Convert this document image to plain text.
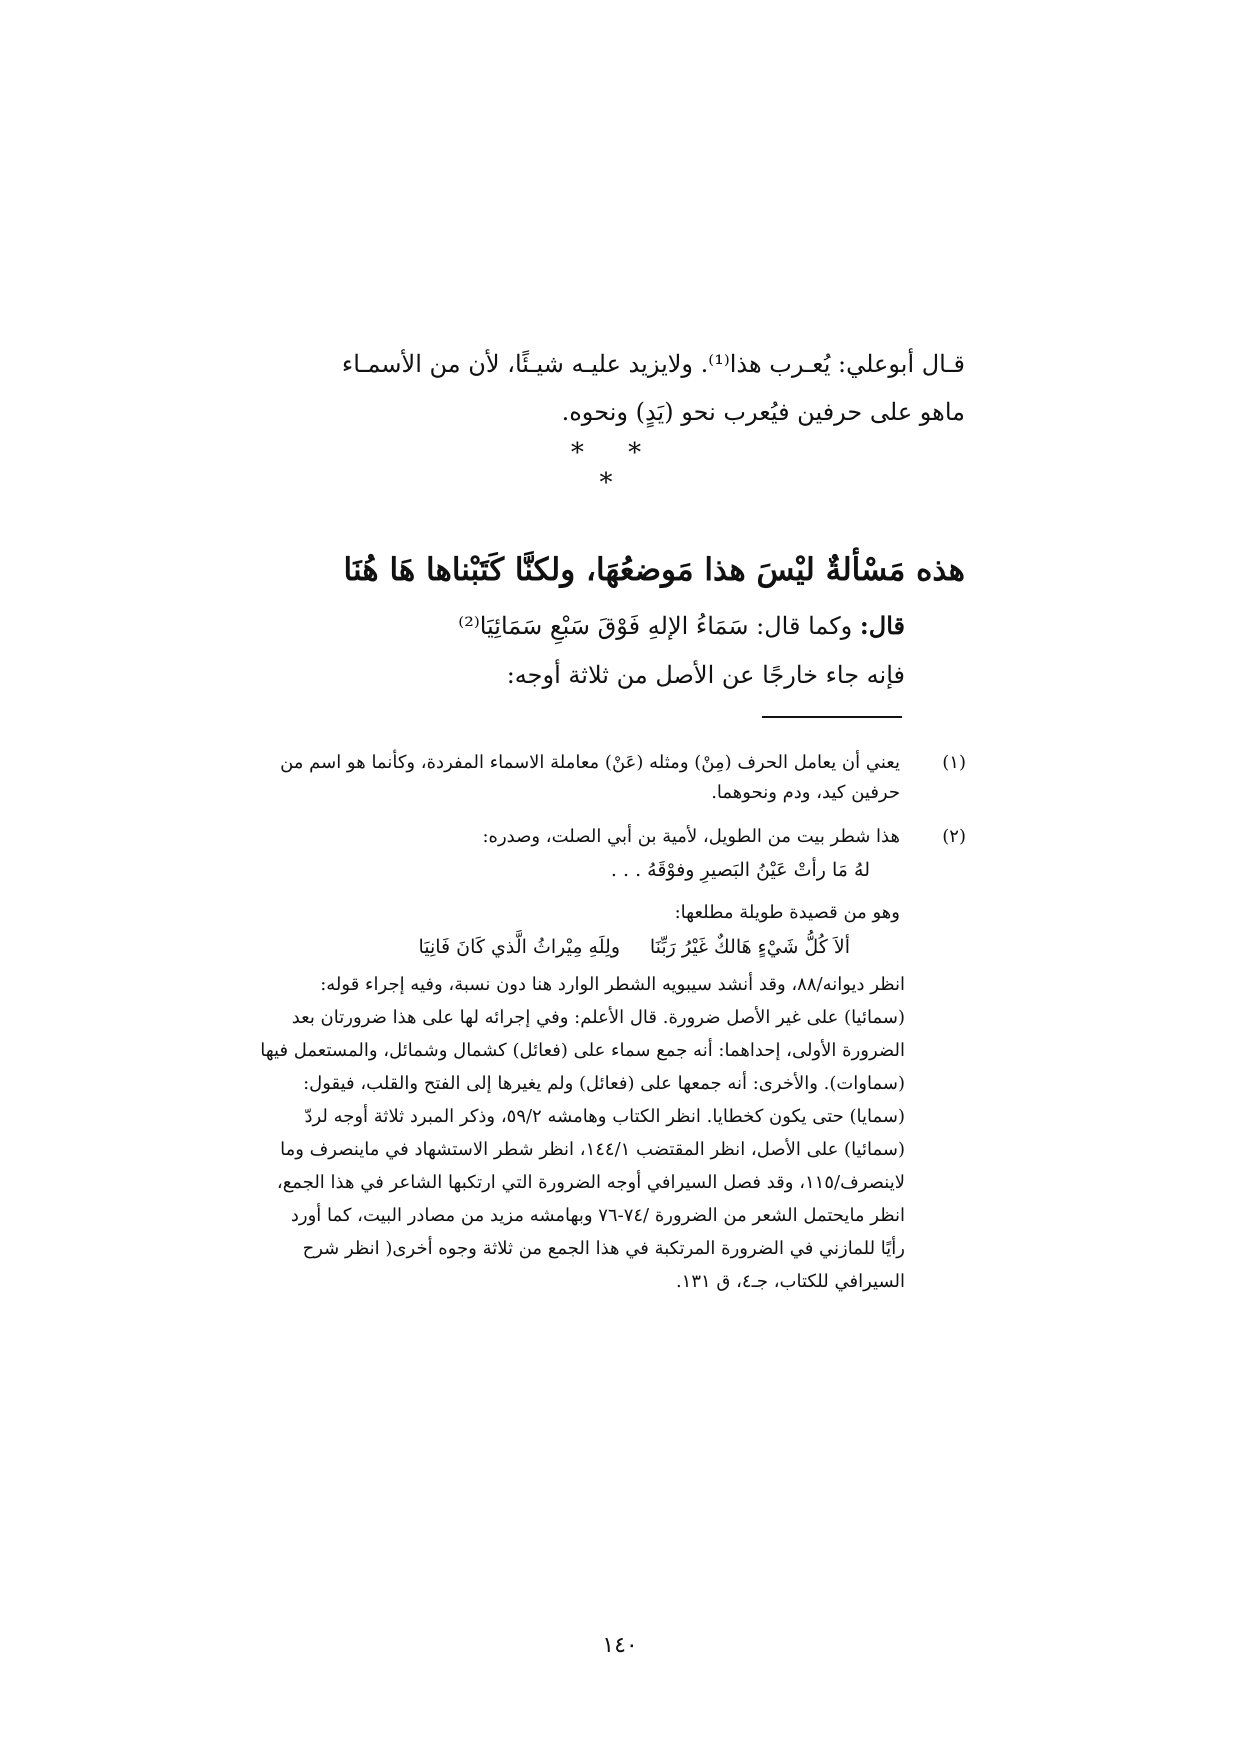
قـال أبوعلي: يُعـرب هذا⁽¹⁾. ولايزيد عليـه شيـئًا، لأن من الأسمـاء
ماهو على حرفين فيُعرب نحو (يَدٍ) ونحوه.
* * *
هذه مَسْألةٌ ليْسَ هذا مَوضعُهَا، ولكنَّا كَتَبْناها هَا هُنَا
قال: وكما قال: سَمَاءُ الإلهِ فَوْقَ سَبْعِ سَمَائِيَا⁽²⁾
فإنه جاء خارجًا عن الأصل من ثلاثة أوجه:
(١)
يعني أن يعامل الحرف (مِنْ) ومثله (عَنْ) معاملة الاسماء المفردة، وكأنما هو اسم من
حرفين كيد، ودم ونحوهما.
(٢)
هذا شطر بيت من الطويل، لأمية بن أبي الصلت، وصدره:
لهُ مَا رأتْ عَيْنُ البَصيرِ وفوْقَهُ . . .
وهو من قصيدة طويلة مطلعها:
ألاَ كُلُّ شَيْءٍ هَالكٌ غَيْرُ رَبِّنَا
ولِلَهِ مِيْراثُ الَّذي كَانَ فَانِيَا
انظر ديوانه/٨٨، وقد أنشد سيبويه الشطر الوارد هنا دون نسبة، وفيه إجراء قوله:
(سمائيا) على غير الأصل ضرورة. قال الأعلم: وفي إجرائه لها على هذا ضرورتان بعد
الضرورة الأولى، إحداهما: أنه جمع سماء على (فعائل) كشمال وشمائل، والمستعمل فيها
(سماوات). والأخرى: أنه جمعها على (فعائل) ولم يغيرها إلى الفتح والقلب، فيقول:
(سمايا) حتى يكون كخطايا. انظر الكتاب وهامشه ٥٩/٢، وذكر المبرد ثلاثة أوجه لردّ
(سمائيا) على الأصل، انظر المقتضب ١٤٤/١، انظر شطر الاستشهاد في ماينصرف وما
لاينصرف/١١٥، وقد فصل السيرافي أوجه الضرورة التي ارتكبها الشاعر في هذا الجمع،
انظر مايحتمل الشعر من الضرورة /٧٤-٧٦ وبهامشه مزيد من مصادر البيت، كما أورد
رأيًا للمازني في الضرورة المرتكبة في هذا الجمع من ثلاثة وجوه أخرى( انظر شرح
السيرافي للكتاب، جـ٤، ق ١٣١.
١٤٠
